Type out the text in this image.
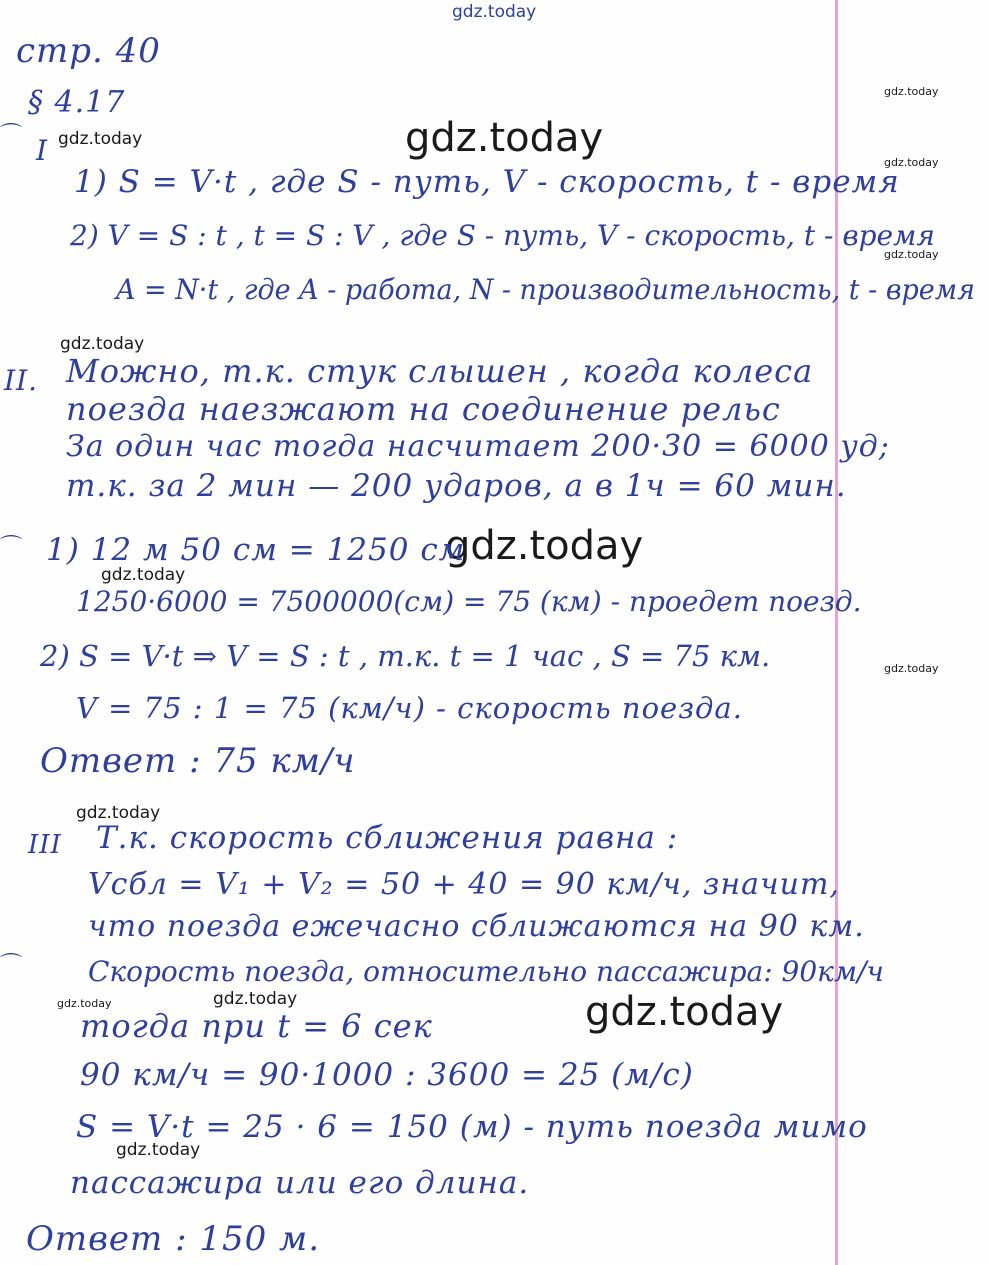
⌒
⌒
⌒
gdz.today
gdz.today
gdz.today
gdz.today
gdz.today
gdz.today
gdz.today
gdz.today
gdz.today
gdz.today
gdz.today
gdz.today
gdz.today
gdz.today
gdz.today
стр. 40
§ 4.17
I
1) S = V·t , где S - путь, V - скорость, t - время
2) V = S : t , t = S : V , где S - путь, V - скорость, t - время
A = N·t , где A - работа, N - производительность, t - время
II. Можно, т.к. стук слышен , когда колеса
поезда наезжают на соединение рельс
За один час тогда насчитает 200·30 = 6000 уд;
т.к. за 2 мин — 200 ударов, а в 1ч = 60 мин.
1) 12 м 50 см = 1250 см
1250·6000 = 7500000(см) = 75 (км) - проедет поезд.
2) S = V·t ⇒ V = S : t , т.к. t = 1 час , S = 75 км.
V = 75 : 1 = 75 (км/ч) - скорость поезда.
Ответ : 75 км/ч
III Т.к. скорость сближения равна :
Vсбл = V₁ + V₂ = 50 + 40 = 90 км/ч, значит,
что поезда ежечасно сближаются на 90 км.
Скорость поезда, относительно пассажира: 90км/ч
тогда при t = 6 сек
90 км/ч = 90·1000 : 3600 = 25 (м/с)
S = V·t = 25 · 6 = 150 (м) - путь поезда мимо
пассажира или его длина.
Ответ : 150 м.
